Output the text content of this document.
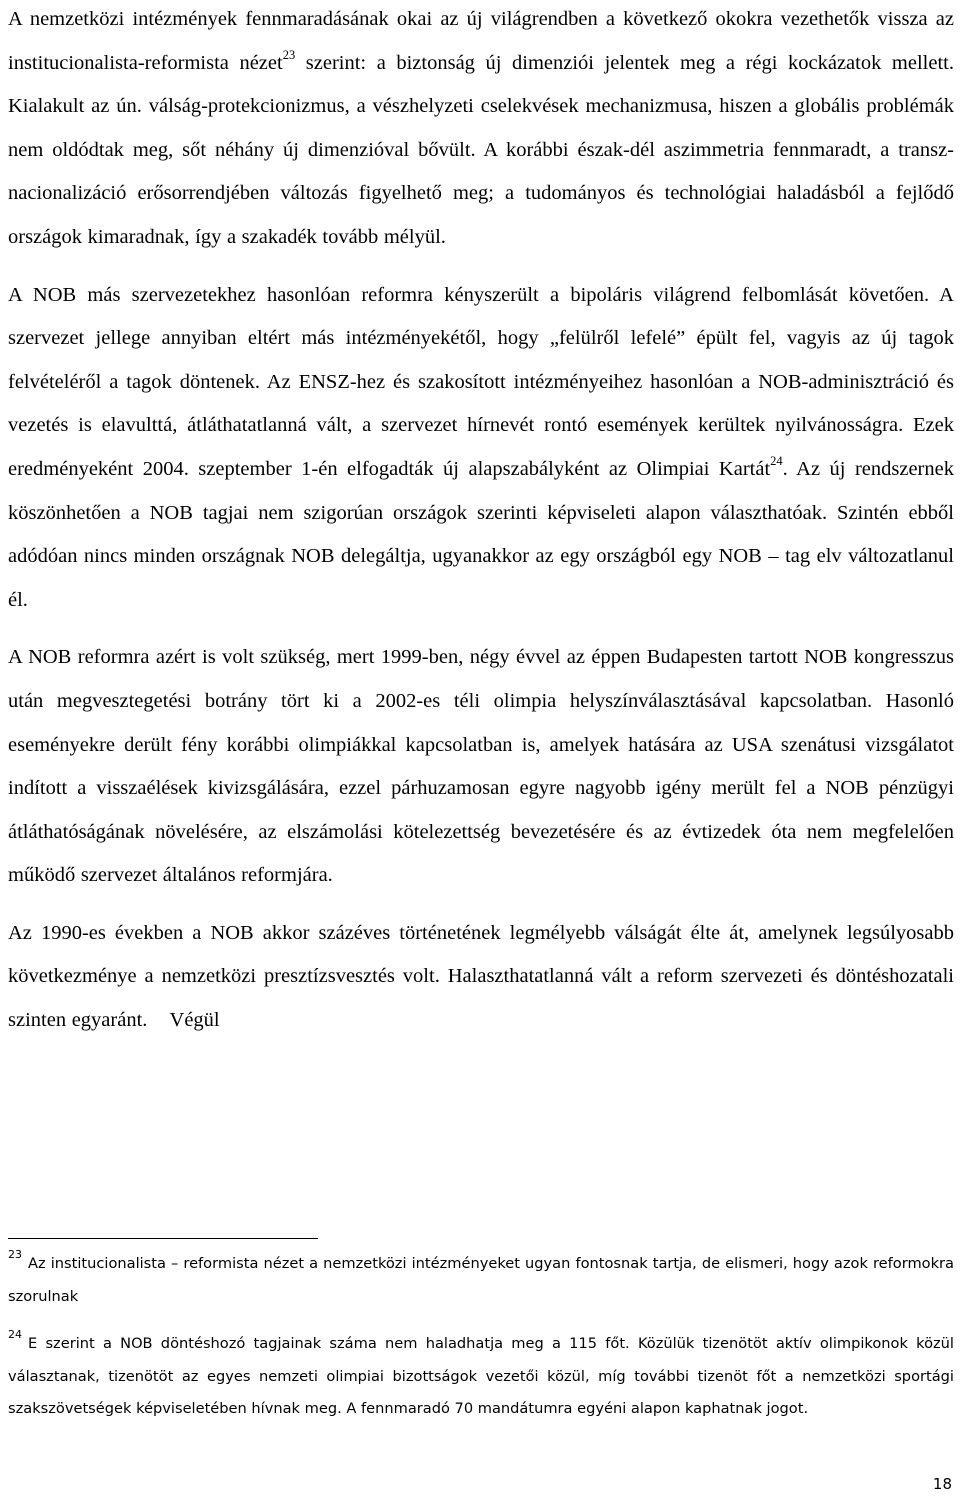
A nemzetközi intézmények fennmaradásának okai az új világrendben a következő okokra vezethetők vissza az institucionalista-reformista nézet$^{23}$ szerint: a biztonság új dimenziói jelentek meg a régi kockázatok mellett. Kialakult az ún. válság-protekcionizmus, a vészhelyzeti cselekvések mechanizmusa, hiszen a globális problémák nem oldódtak meg, sőt néhány új dimenzióval bővült. A korábbi észak-dél aszimmetria fennmaradt, a transznacionalizáció erősorrendjében változás figyelhető meg; a tudományos és technológiai haladásból a fejlődő országok kimaradnak, így a szakadék tovább mélyül.

A NOB más szervezetekhez hasonlóan reformra kényszerült a bipoláris világrend felbomlását követően. A szervezet jellege annyiban eltért más intézményekétől, hogy „felülről lefelé” épült fel, vagyis az új tagok felvételéről a tagok döntenek. Az ENSZ-hez és szakosított intézményeihez hasonlóan a NOB-adminisztráció és vezetés is elavulttá, átláthatatlanná vált, a szervezet hírnevét rontó események kerültek nyilvánosságra. Ezek eredményeként 2004. szeptember 1-én elfogadták új alapszabályként az Olimpiai Kartát$^{24}$. Az új rendszernek köszönhetően a NOB tagjai nem szigorúan országok szerinti képviseleti alapon választhatóak. Szintén ebből adódóan nincs minden országnak NOB delegáltja, ugyanakkor az egy országból egy NOB – tag elv változatlanul él.

A NOB reformra azért is volt szükség, mert 1999-ben, négy évvel az éppen Budapesten tartott NOB kongresszus után megvesztegetési botrány tört ki a 2002-es téli olimpia helyszínválasztásával kapcsolatban. Hasonló eseményekre derült fény korábbi olimpiákkal kapcsolatban is, amelyek hatására az USA szenátusi vizsgálatot indított a visszaélések kivizsgálására, ezzel párhuzamosan egyre nagyobb igény merült fel a NOB pénzügyi átláthatóságának növelésére, az elszámolási kötelezettség bevezetésére és az évtizedek óta nem megfelelően működő szervezet általános reformjára.

Az 1990-es években a NOB akkor százéves történetének legmélyebb válságát élte át, amelynek legsúlyosabb következménye a nemzetközi presztízsvesztés volt. Halaszthatatlanná vált a reform szervezeti és döntéshozatali szinten egyaránt.    Végül

$^{23}$Az institucionalista – reformista nézet a nemzetközi intézményeket ugyan fontosnak tartja, de elismeri, hogy azok reformokra szorulnak

$^{24}$E szerint a NOB döntéshozó tagjainak száma nem haladhatja meg a 115 főt. Közülük tizenötöt aktív olimpikonok közül választanak, tizenötöt az egyes nemzeti olimpiai bizottságok vezetői közül, míg további tizenöt főt a nemzetközi sportági szakszövetségek képviseletében hívnak meg. A fennmaradó 70 mandátumra egyéni alapon kaphatnak jogot.

18
